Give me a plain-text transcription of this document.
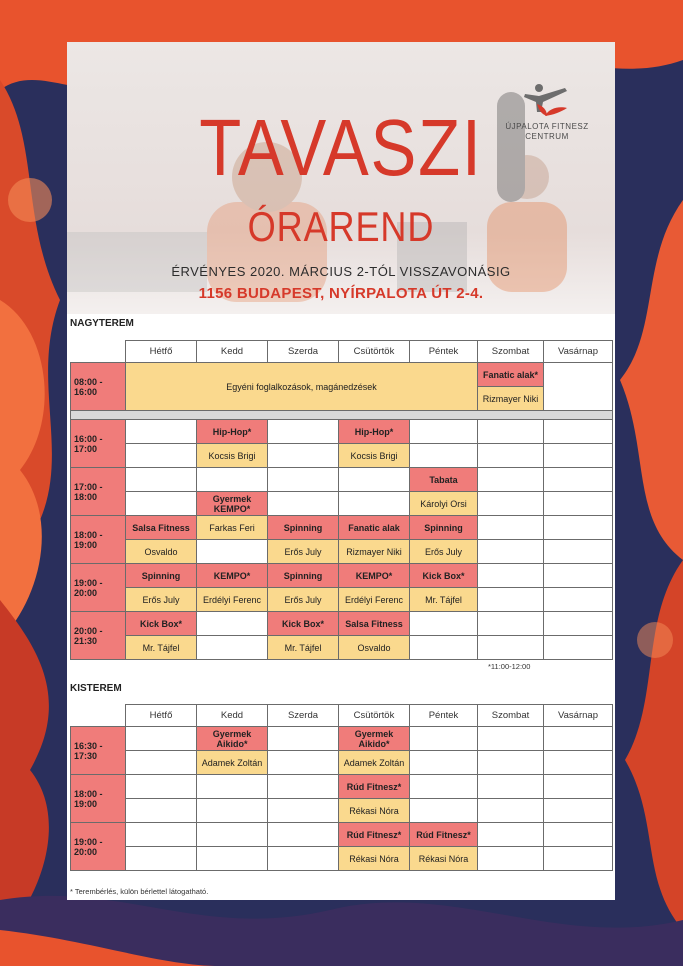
ÚJPALOTA FITNESZ
CENTRUM
TAVASZI
ÓRAREND
ÉRVÉNYES 2020. MÁRCIUS 2-TÓL VISSZAVONÁSIG
1156 BUDAPEST, NYÍRPALOTA ÚT 2-4.
NAGYTEREM
	Hétfő	Kedd	Szerda	Csütörtök	Péntek	Szombat	Vasárnap
08:00 - 16:00	Egyéni foglalkozások, magánedzések					Fanatic alak*	
						Rizmayer Niki	

16:00 - 17:00		Hip-Hop*		Hip-Hop*			
		Kocsis Brigi		Kocsis Brigi			
17:00 - 18:00					Tabata		
		Gyermek KEMPO*			Károlyi Orsi		
18:00 - 19:00	Salsa Fitness	Farkas Feri	Spinning	Fanatic alak	Spinning		
	Osvaldo		Erős July	Rizmayer Niki	Erős July		
19:00 - 20:00	Spinning	KEMPO*	Spinning	KEMPO*	Kick Box*		
	Erős July	Erdélyi Ferenc	Erős July	Erdélyi Ferenc	Mr. Tájfel		
20:00 - 21:30	Kick Box*		Kick Box*	Salsa Fitness			
	Mr. Tájfel		Mr. Tájfel	Osvaldo			
*11:00-12:00
KISTEREM
	Hétfő	Kedd	Szerda	Csütörtök	Péntek	Szombat	Vasárnap
16:30 - 17:30		Gyermek Aikido*		Gyermek Aikido*			
		Adamek Zoltán		Adamek Zoltán			
18:00 - 19:00				Rúd Fitnesz*			
				Rékasi Nóra			
19:00 - 20:00				Rúd Fitnesz*	Rúd Fitnesz*		
				Rékasi Nóra	Rékasi Nóra		
* Terembérlés, külön bérlettel látogatható.
